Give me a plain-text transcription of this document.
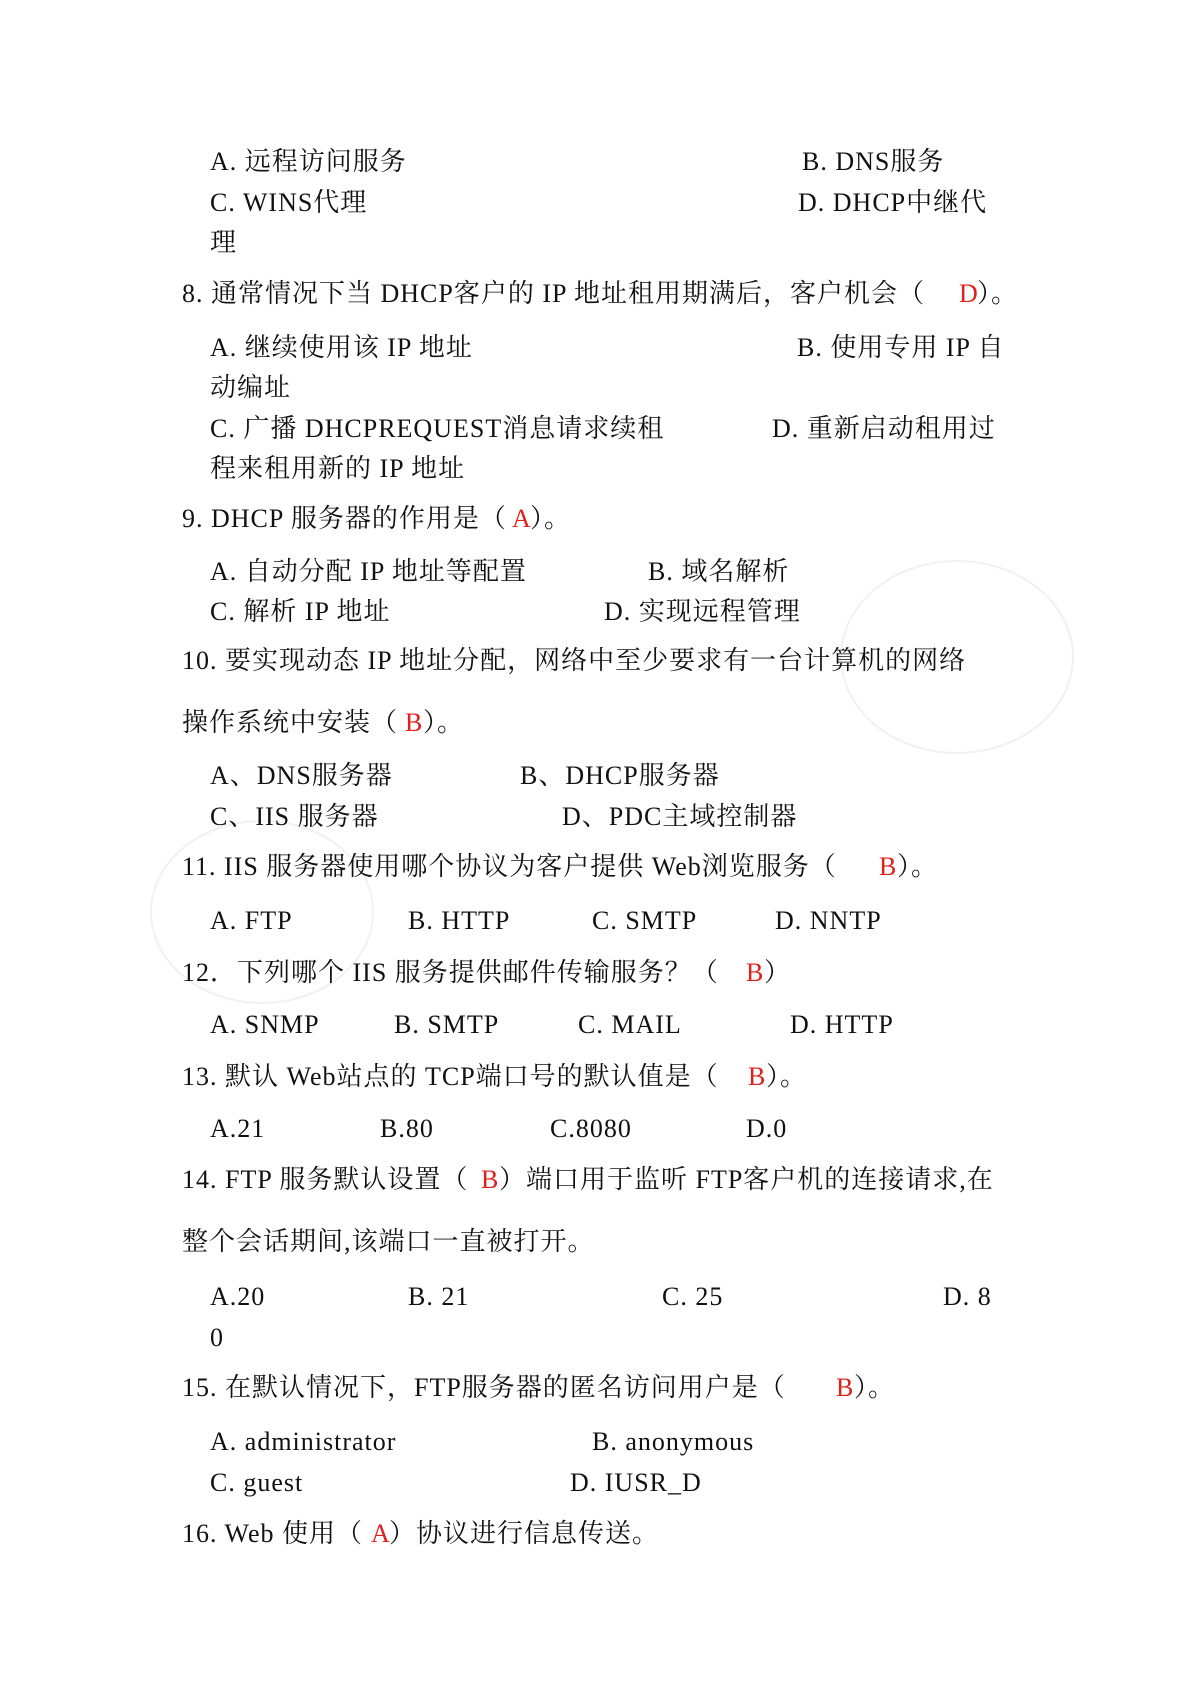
A. 远程访问服务	B. DNS服务
C. WINS代理	D. DHCP中继代
理
8. 通常情况下当 DHCP客户的 IP 地址租用期满后，客户机会（ D
）。
A. 继续使用该 IP 地址	B. 使用专用 IP 自
动编址
C. 广播 DHCPREQUEST消息请求续租	D. 重新启动租用过
程来租用新的 IP 地址
9. DHCP 服务器的作用是（ A
）。
A. 自动分配 IP 地址等配置	B. 域名解析
C. 解析 IP 地址	D. 实现远程管理
10. 要实现动态 IP 地址分配，网络中至少要求有一台计算机的网络
操作系统中安装（ B ）。
A、DNS服务器	B、DHCP服务器
C、IIS 服务器	D、PDC主域控制器
11. IIS 服务器使用哪个协议为客户提供 Web浏览服务（ B ）。
A. FTP	B. HTTP	C. SMTP	D. NNTP
12．下列哪个 IIS 服务提供邮件传输服务？（ B ）
A. SNMP	B. SMTP	C. MAIL	D. HTTP
13. 默认 Web站点的 TCP端口号的默认值是（ B ）。
A.21	B.80	C.8080	D.0
14. FTP 服务默认设置（ B ）端口用于监听 FTP客户机的连接请求,在
整个会话期间,该端口一直被打开。
A.20	B. 21	C. 25	D. 8
0
15. 在默认情况下，FTP服务器的匿名访问用户是（ B ）。
A. administrator	B. anonymous
C. guest	D. IUSR_D
16. Web 使用（ A
）协议进行信息传送。
